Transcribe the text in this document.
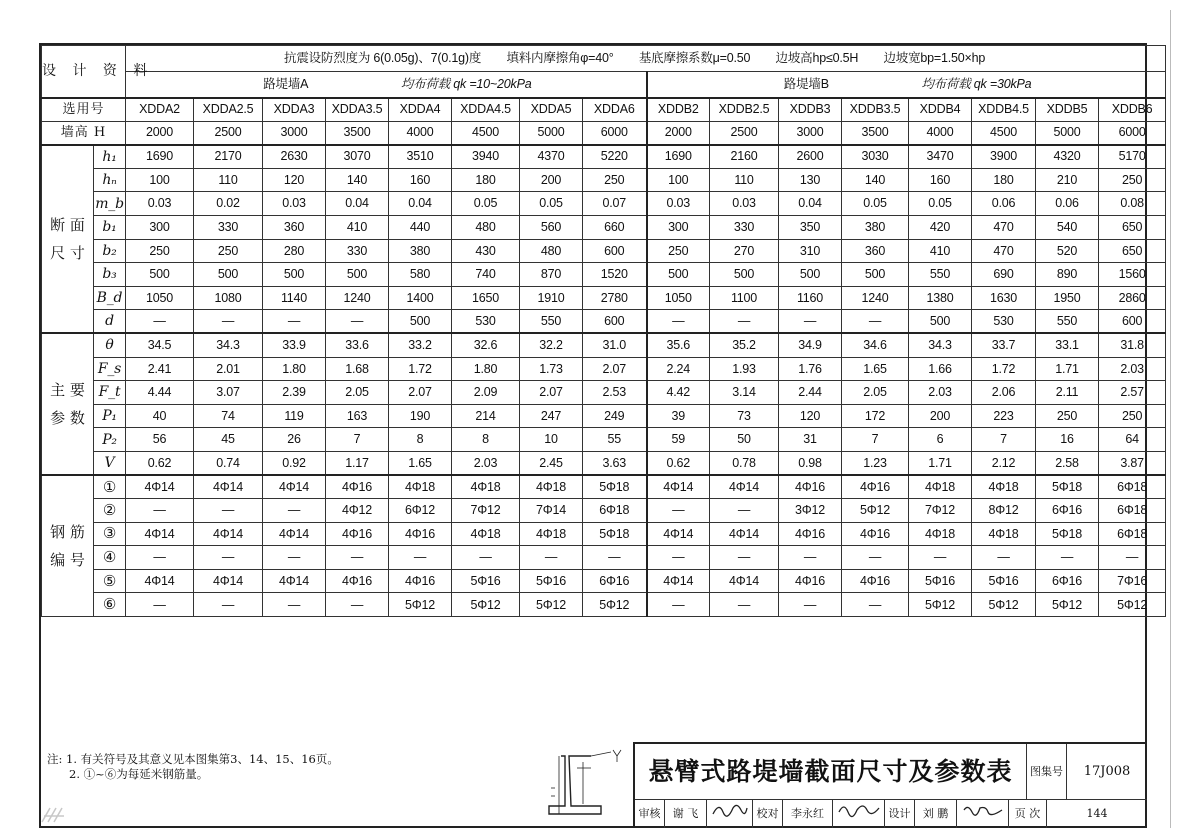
设 计 资 料		抗震设防烈度为 6(0.05g)、7(0.1g)度 填料内摩擦角φ=40° 基底摩擦系数μ=0.50 边坡高hp≤0.5H 边坡宽bp=1.50×hp															
		路堤墙A 均布荷载 qk =10~20kPa								路堤墙B 均布荷载 qk =30kPa							
选用号		XDDA2	XDDA2.5	XDDA3	XDDA3.5	XDDA4	XDDA4.5	XDDA5	XDDA6	XDDB2	XDDB2.5	XDDB3	XDDB3.5	XDDB4	XDDB4.5	XDDB5	XDDB6
墙高 H		2000	2500	3000	3500	4000	4500	5000	6000	2000	2500	3000	3500	4000	4500	5000	6000
断 面 尺 寸	h₁	1690	2170	2630	3070	3510	3940	4370	5220	1690	2160	2600	3030	3470	3900	4320	5170
	hₙ	100	110	120	140	160	180	200	250	100	110	130	140	160	180	210	250
	m_b	0.03	0.02	0.03	0.04	0.04	0.05	0.05	0.07	0.03	0.03	0.04	0.05	0.05	0.06	0.06	0.08
	b₁	300	330	360	410	440	480	560	660	300	330	350	380	420	470	540	650
	b₂	250	250	280	330	380	430	480	600	250	270	310	360	410	470	520	650
	b₃	500	500	500	500	580	740	870	1520	500	500	500	500	550	690	890	1560
	B_d	1050	1080	1140	1240	1400	1650	1910	2780	1050	1100	1160	1240	1380	1630	1950	2860
	d	—	—	—	—	500	530	550	600	—	—	—	—	500	530	550	600
主 要 参 数	θ	34.5	34.3	33.9	33.6	33.2	32.6	32.2	31.0	35.6	35.2	34.9	34.6	34.3	33.7	33.1	31.8
	F_s	2.41	2.01	1.80	1.68	1.72	1.80	1.73	2.07	2.24	1.93	1.76	1.65	1.66	1.72	1.71	2.03
	F_t	4.44	3.07	2.39	2.05	2.07	2.09	2.07	2.53	4.42	3.14	2.44	2.05	2.03	2.06	2.11	2.57
	P₁	40	74	119	163	190	214	247	249	39	73	120	172	200	223	250	250
	P₂	56	45	26	7	8	8	10	55	59	50	31	7	6	7	16	64
	V	0.62	0.74	0.92	1.17	1.65	2.03	2.45	3.63	0.62	0.78	0.98	1.23	1.71	2.12	2.58	3.87
钢 筋 编 号	①	4Φ14	4Φ14	4Φ14	4Φ16	4Φ18	4Φ18	4Φ18	5Φ18	4Φ14	4Φ14	4Φ16	4Φ16	4Φ18	4Φ18	5Φ18	6Φ18
	②	—	—	—	4Φ12	6Φ12	7Φ12	7Φ14	6Φ18	—	—	3Φ12	5Φ12	7Φ12	8Φ12	6Φ16	6Φ18
	③	4Φ14	4Φ14	4Φ14	4Φ16	4Φ16	4Φ18	4Φ18	5Φ18	4Φ14	4Φ14	4Φ16	4Φ16	4Φ18	4Φ18	5Φ18	6Φ18
	④	—	—	—	—	—	—	—	—	—	—	—	—	—	—	—	—
	⑤	4Φ14	4Φ14	4Φ14	4Φ16	4Φ16	5Φ16	5Φ16	6Φ16	4Φ14	4Φ14	4Φ16	4Φ16	5Φ16	5Φ16	6Φ16	7Φ16
	⑥	—	—	—	—	5Φ12	5Φ12	5Φ12	5Φ12	—	—	—	—	5Φ12	5Φ12	5Φ12	5Φ12
注: 1. 有关符号及其意义见本图集第3、14、15、16页。
2. ①~⑥为每延米钢筋量。	悬臂式路堤墙截面尺寸及参数表	图集号	17J008
审核	谢 飞	校对	李永红	设计	刘 鹏	页 次	144
